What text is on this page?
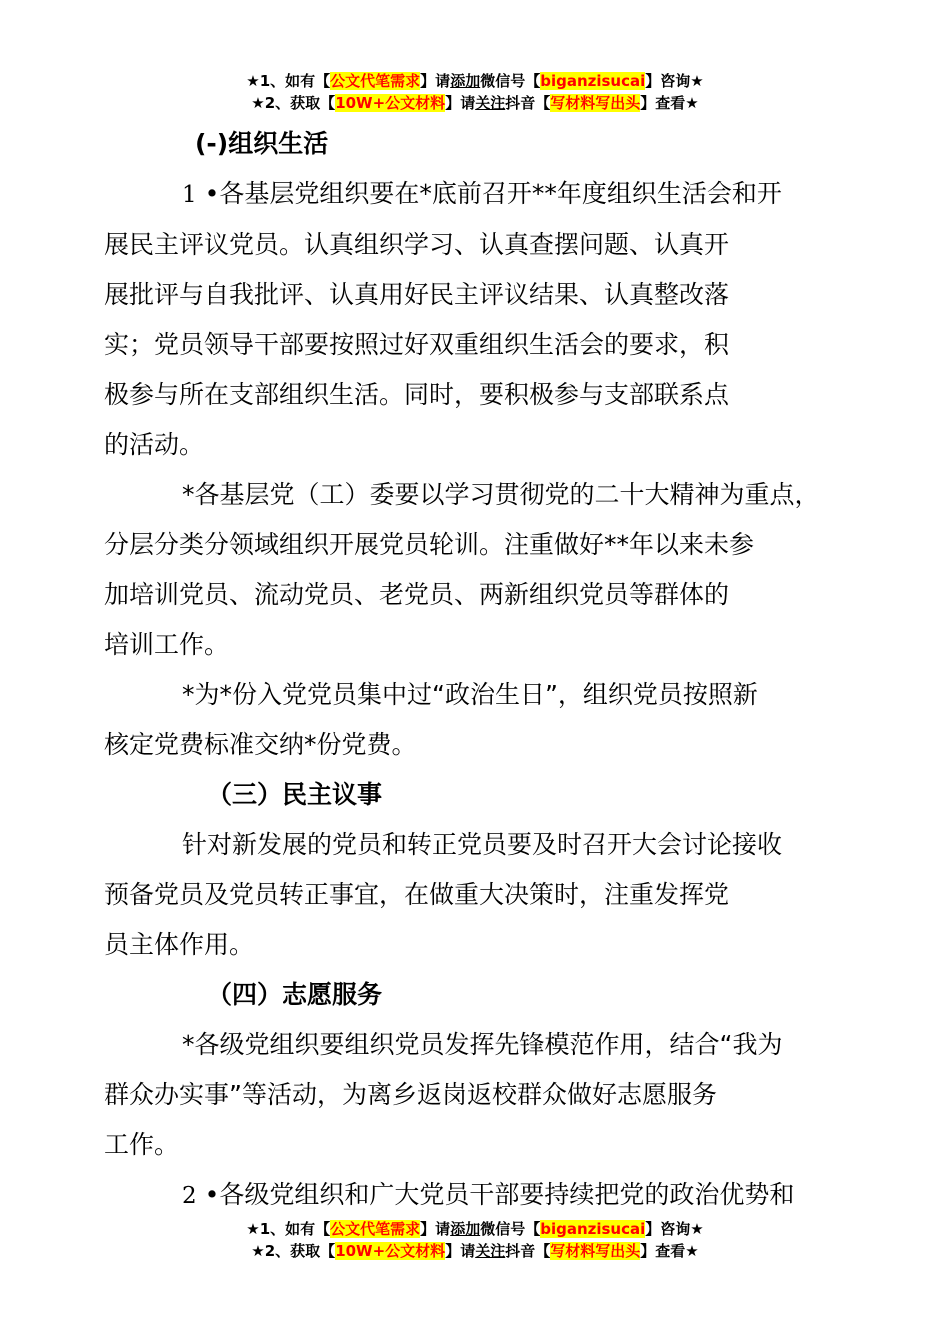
★1、如有【公文代笔需求】请添加微信号【biganzisucai】咨询★
★2、获取【10W+公文材料】请关注抖音【写材料写出头】查看★
(-)组织生活

1 •各基层党组织要在*底前召开**年度组织生活会和开
展民主评议党员。认真组织学习、认真查摆问题、认真开
展批评与自我批评、认真用好民主评议结果、认真整改落
实；党员领导干部要按照过好双重组织生活会的要求，积
极参与所在支部组织生活。同时，要积极参与支部联系点
的活动。

*各基层党（工）委要以学习贯彻党的二十大精神为重点，
分层分类分领域组织开展党员轮训。注重做好**年以来未参
加培训党员、流动党员、老党员、两新组织党员等群体的
培训工作。

*为*份入党党员集中过“政治生日”，组织党员按照新
核定党费标准交纳*份党费。

（三）民主议事

针对新发展的党员和转正党员要及时召开大会讨论接收
预备党员及党员转正事宜，在做重大决策时，注重发挥党
员主体作用。

（四）志愿服务

*各级党组织要组织党员发挥先锋模范作用，结合“我为
群众办实事”等活动，为离乡返岗返校群众做好志愿服务
工作。

2 •各级党组织和广大党员干部要持续把党的政治优势和

★1、如有【公文代笔需求】请添加微信号【biganzisucai】咨询★
★2、获取【10W+公文材料】请关注抖音【写材料写出头】查看★
